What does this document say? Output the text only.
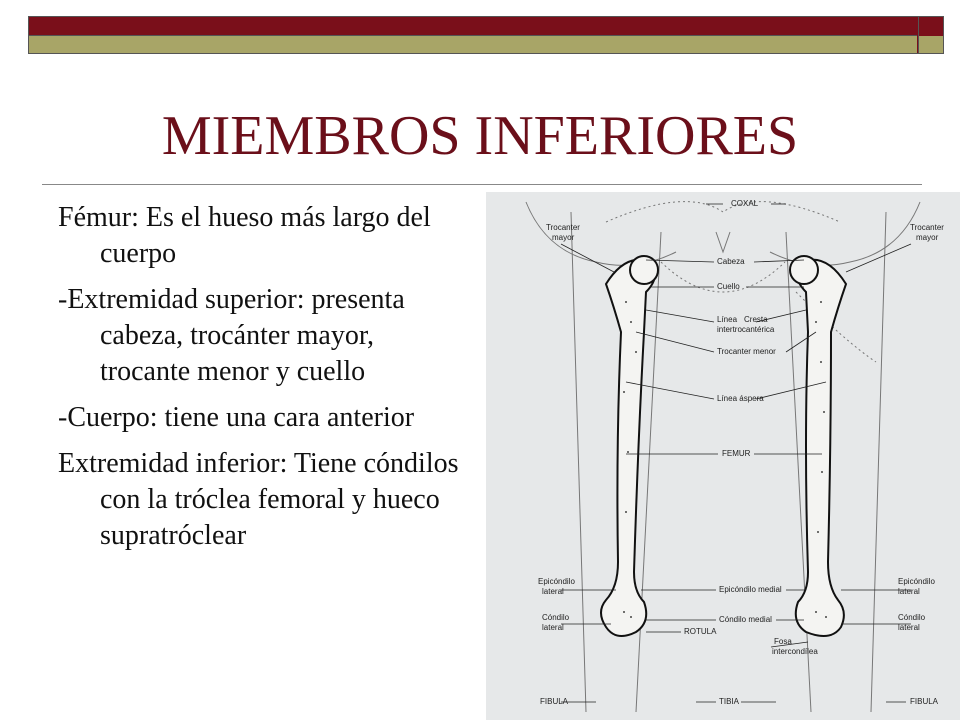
MIEMBROS INFERIORES

Fémur: Es el hueso más largo del cuerpo

-Extremidad superior: presenta cabeza, trocánter mayor, trocante menor y cuello

-Cuerpo: tiene una cara anterior

Extremidad inferior: Tiene cóndilos con la tróclea femoral y hueco supratróclear

COXAL
Trocanter
mayor
Trocanter
mayor
Cabeza
Cuello
Línea Cresta
intertrocantérica
Trocanter menor
Línea áspera
FEMUR
Epicóndilo
lateral	Epicóndilo medial
Epicóndilo
lateral
Cóndilo
lateral
Cóndilo medial	Cóndilo
lateral
ROTULA
Fosa
intercondílea
FIBULA	TIBIA	FIBULA
